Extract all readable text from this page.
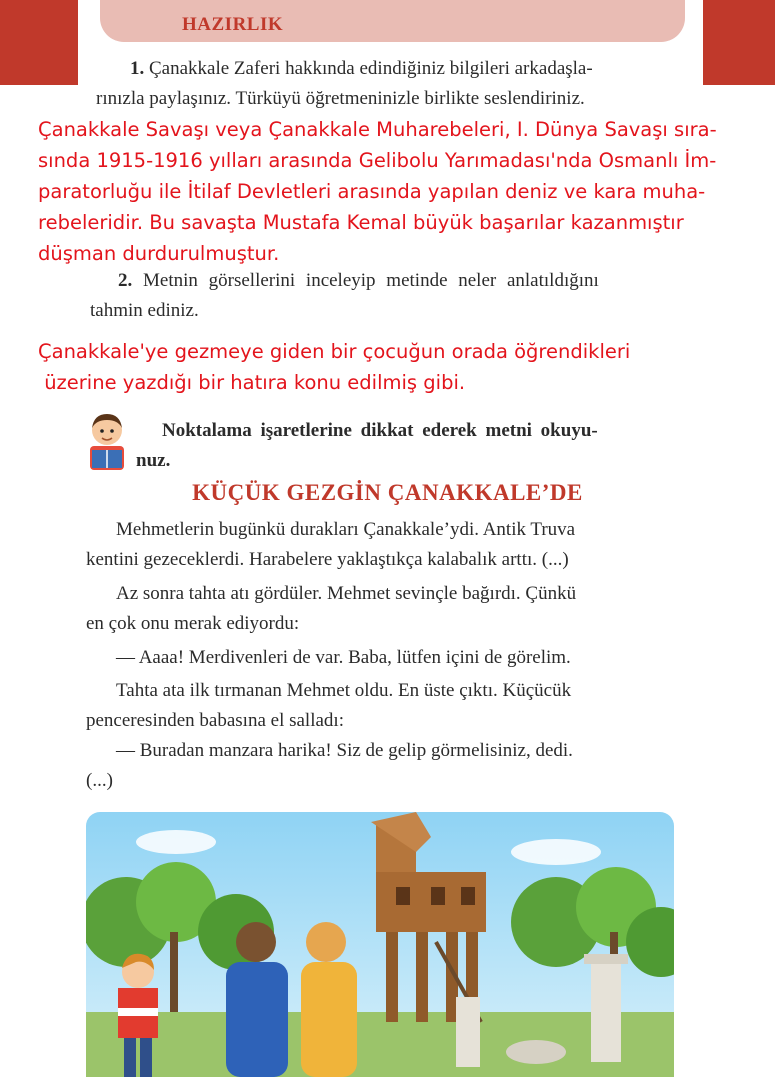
HAZIRLIK
1. Çanakkale Zaferi hakkında edindiğiniz bilgileri arkadaşla-
rınızla paylaşınız. Türküyü öğretmeninizle birlikte seslendiriniz.
Çanakkale Savaşı veya Çanakkale Muharebeleri, I. Dünya Savaşı sıra-
sında 1915-1916 yılları arasında Gelibolu Yarımadası'nda Osmanlı İm-
paratorluğu ile İtilaf Devletleri arasında yapılan deniz ve kara muha-
rebeleridir. Bu savaşta Mustafa Kemal büyük başarılar kazanmıştır
düşman durdurulmuştur.
2. Metnin görsellerini inceleyip metinde neler anlatıldığını
tahmin ediniz.
Çanakkale'ye gezmeye giden bir çocuğun orada öğrendikleri
üzerine yazdığı bir hatıra konu edilmiş gibi.
Noktalama işaretlerine dikkat ederek metni okuyu-
nuz.
KÜÇÜK GEZGİN ÇANAKKALE’DE
Mehmetlerin bugünkü durakları Çanakkale’ydi. Antik Truva
kentini gezeceklerdi. Harabelere yaklaştıkça kalabalık arttı. (...)
Az sonra tahta atı gördüler. Mehmet sevinçle bağırdı. Çünkü
en çok onu merak ediyordu:
— Aaaa! Merdivenleri de var. Baba, lütfen içini de görelim.
Tahta ata ilk tırmanan Mehmet oldu. En üste çıktı. Küçücük
penceresinden babasına el salladı:
— Buradan manzara harika! Siz de gelip görmelisiniz, dedi.
(...)
